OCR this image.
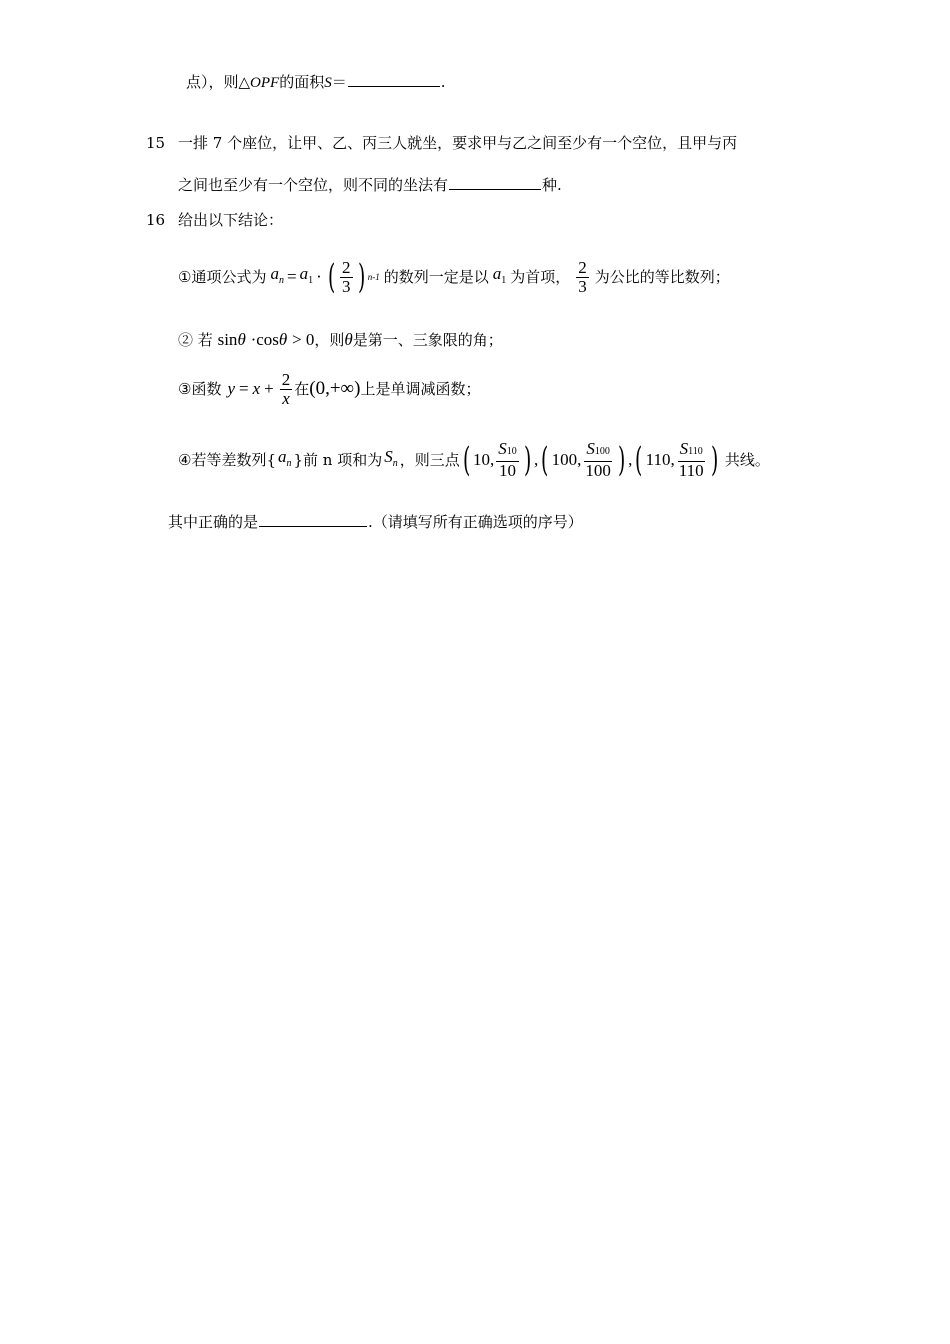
点），则△OPF的面积S＝	.
15 一排 7 个座位，让甲、乙、丙三人就坐，要求甲与乙之间至少有一个空位，且甲与丙
之间也至少有一个空位，则不同的坐法有	种.
16 给出以下结论：
① 通项公式为 $a_n = a_1$ · ( $\frac{2}{3}$ ) n-1 的数列一定是以 $a_1$ 为首项， $\frac{2}{3}$ 为公比的等比数列；
② 若 sinθ ·cosθ > 0，则θ是第一、三象限的角；
③ 函数 $y = x + \frac{2}{x}$ 在 (0,+∞) 上是单调减函数；
④ 若等差数列{ $a_n$ }前 n 项和为 $S_n$ ，则三点 ( 10, $\frac{S10}{10}$ ) , ( 100, $\frac{S100}{100}$ ) , ( 110, $\frac{S110}{110}$ ) 共线。
其中正确的是	.（请填写所有正确选项的序号）
